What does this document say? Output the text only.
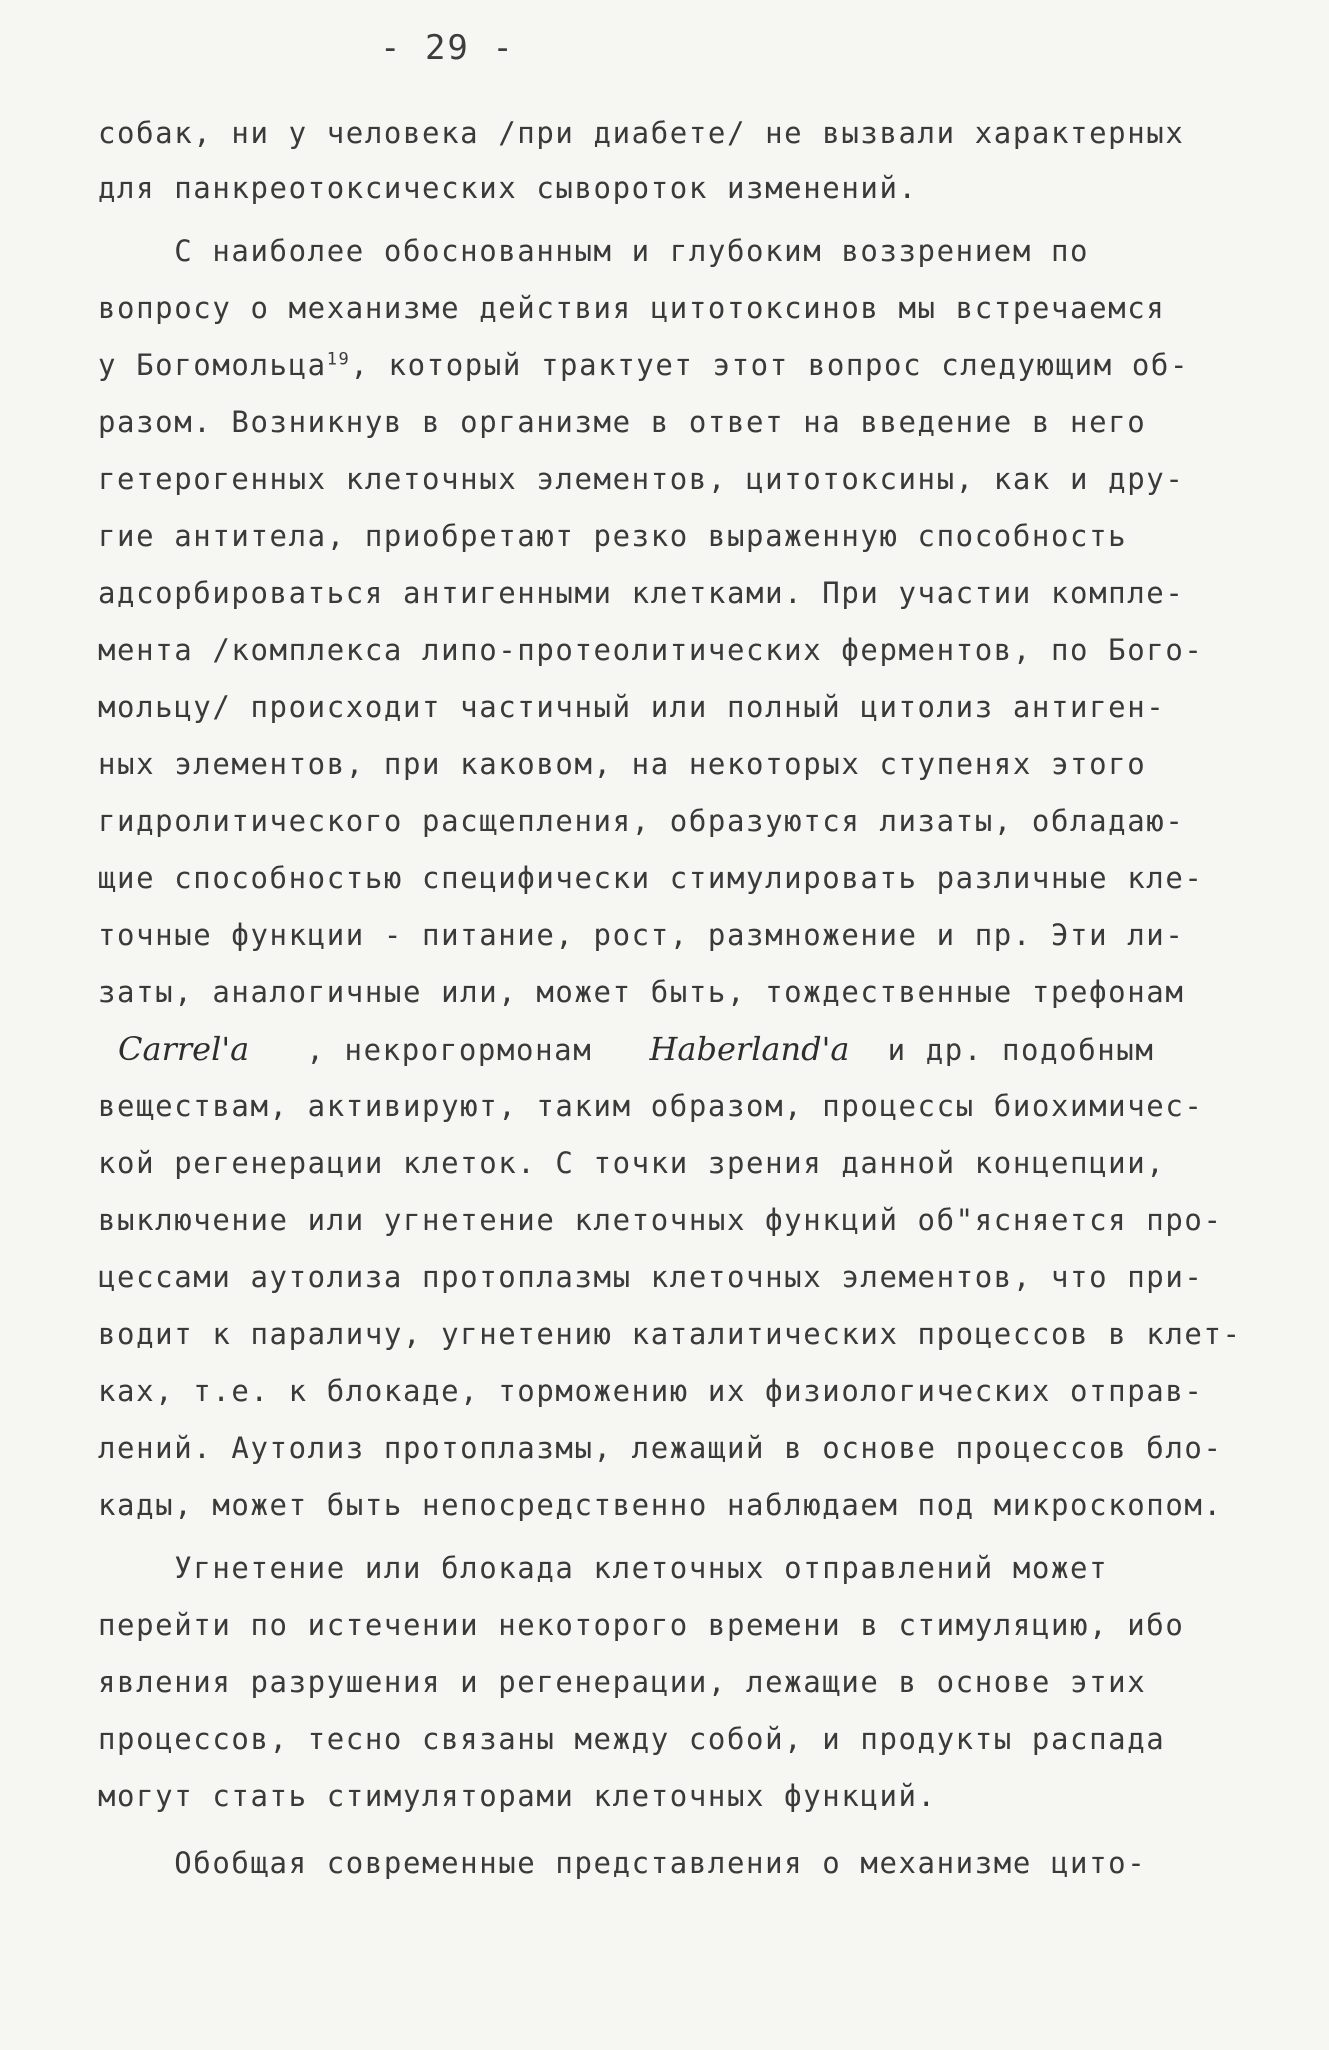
- 29 -
собак, ни у человека /при диабете/ не вызвали характерных
для панкреотоксических сывороток изменений.
С наиболее обоснованным и глубоким воззрением по
вопросу о механизме действия цитотоксинов мы встречаемся
у Богомольца$^{19}$, который трактует этот вопрос следующим об-
разом. Возникнув в организме в ответ на введение в него
гетерогенных клеточных элементов, цитотоксины, как и дру-
гие антитела, приобретают резко выраженную способность
адсорбироваться антигенными клетками. При участии компле-
мента /комплекса липо-протеолитических ферментов, по Бого-
мольцу/ происходит частичный или полный цитолиз антиген-
ных элементов, при каковом, на некоторых ступенях этого
гидролитического расщепления, образуются лизаты, обладаю-
щие способностью специфически стимулировать различные кле-
точные функции - питание, рост, размножение и пр. Эти ли-
заты, аналогичные или, может быть, тождественные трефонам
Carrel'a , некрогормонам Haberland'a и др. подобным
веществам, активируют, таким образом, процессы биохимичес-
кой регенерации клеток. С точки зрения данной концепции,
выключение или угнетение клеточных функций об"ясняется про-
цессами аутолиза протоплазмы клеточных элементов, что при-
водит к параличу, угнетению каталитических процессов в клет-
ках, т.е. к блокаде, торможению их физиологических отправ-
лений. Аутолиз протоплазмы, лежащий в основе процессов бло-
кады, может быть непосредственно наблюдаем под микроскопом.
Угнетение или блокада клеточных отправлений может
перейти по истечении некоторого времени в стимуляцию, ибо
явления разрушения и регенерации, лежащие в основе этих
процессов, тесно связаны между собой, и продукты распада
могут стать стимуляторами клеточных функций.
Обобщая современные представления о механизме цито-
